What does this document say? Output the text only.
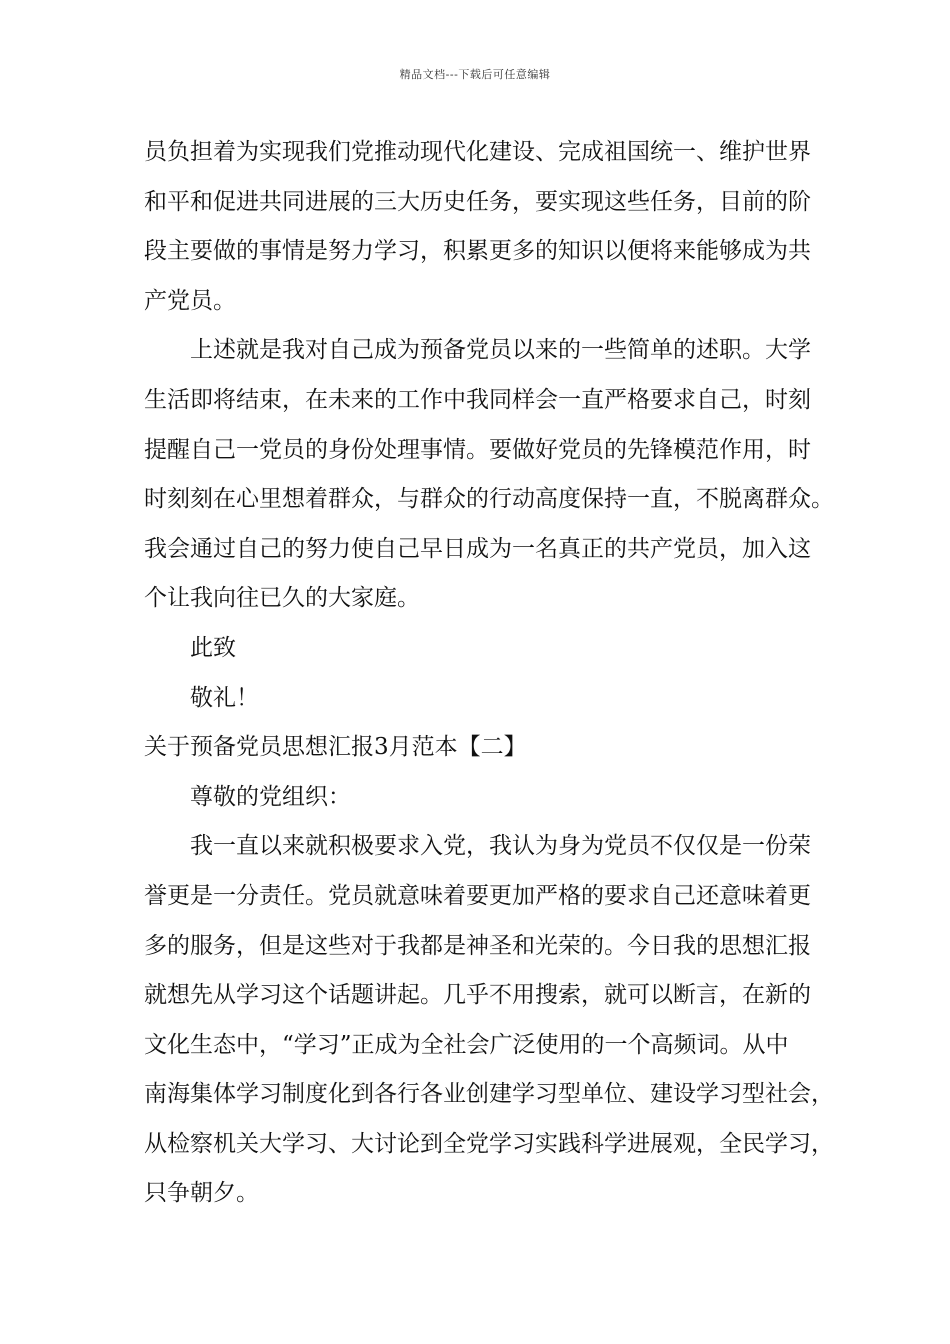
精品文档---下载后可任意编辑
员负担着为实现我们党推动现代化建设、完成祖国统一、维护世界
和平和促进共同进展的三大历史任务，要实现这些任务，目前的阶
段主要做的事情是努力学习，积累更多的知识以便将来能够成为共
产党员。
上述就是我对自己成为预备党员以来的一些简单的述职。大学
生活即将结束，在未来的工作中我同样会一直严格要求自己，时刻
提醒自己一党员的身份处理事情。要做好党员的先锋模范作用，时
时刻刻在心里想着群众，与群众的行动高度保持一直，不脱离群众。
我会通过自己的努力使自己早日成为一名真正的共产党员，加入这
个让我向往已久的大家庭。
此致
敬礼！
关于预备党员思想汇报3月范本【二】
尊敬的党组织：
我一直以来就积极要求入党，我认为身为党员不仅仅是一份荣
誉更是一分责任。党员就意味着要更加严格的要求自己还意味着更
多的服务，但是这些对于我都是神圣和光荣的。今日我的思想汇报
就想先从学习这个话题讲起。几乎不用搜索，就可以断言，在新的
文化生态中，“学习”正成为全社会广泛使用的一个高频词。从中
南海集体学习制度化到各行各业创建学习型单位、建设学习型社会，
从检察机关大学习、大讨论到全党学习实践科学进展观，全民学习，
只争朝夕。
